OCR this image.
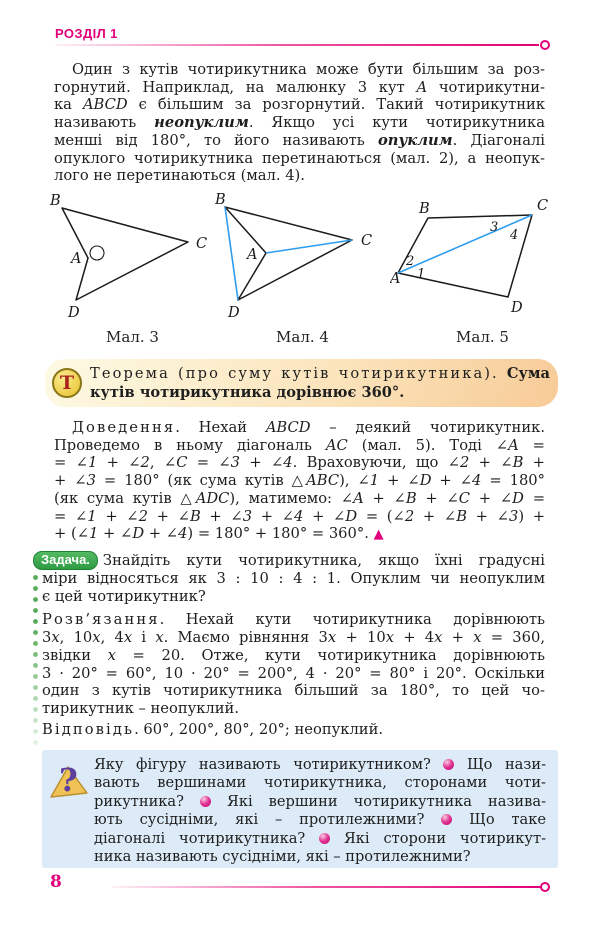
РОЗДІЛ 1
Один з кутів чотирикутника може бути більшим за роз-
горнутий. Наприклад, на малюнку 3 кут A чотирикутни-
ка ABCD є більшим за розгорнутий. Такий чотирикутник
називають неопуклим. Якщо усі кути чотирикутника
менші від 180°, то його називають опуклим. Діагоналі
опуклого чотирикутника перетинаються (мал. 2), а неопук-
лого не перетинаються (мал. 4).
B
C
D
A
Мал. 3
B
C
D
A
Мал. 4
A
B	C
D
2
1
3
4
Мал. 5
Т Теорема (про суму кутів чотирикутника). Сума
кутів чотирикутника дорівнює 360°.
Доведення. Нехай ABCD – деякий чотирикутник.
Проведемо в ньому діагональ AC (мал. 5). Тоді ∠A =
= ∠1 + ∠2, ∠C = ∠3 + ∠4. Враховуючи, що ∠2 + ∠B +
+ ∠3 = 180° (як сума кутів △ABC), ∠1 + ∠D + ∠4 = 180°
(як сума кутів △ADC), матимемо: ∠A + ∠B + ∠C + ∠D =
= ∠1 + ∠2 + ∠B + ∠3 + ∠4 + ∠D = (∠2 + ∠B + ∠3) +
+ (∠1 + ∠D + ∠4) = 180° + 180° = 360°. ▲
Задача. Знайдіть кути чотирикутника, якщо їхні градусні
міри відносяться як 3 : 10 : 4 : 1. Опуклим чи неопуклим
є цей чотирикутник?
Розв’язання. Нехай кути чотирикутника дорівнюють
3x, 10x, 4x і x. Маємо рівняння 3x + 10x + 4x + x = 360,
звідки x = 20. Отже, кути чотирикутника дорівнюють
3 · 20° = 60°, 10 · 20° = 200°, 4 · 20° = 80° і 20°. Оскільки
один з кутів чотирикутника більший за 180°, то цей чо-
тирикутник – неопуклий.
Відповідь. 60°, 200°, 80°, 20°; неопуклий.
? Яку фігуру називають чотирикутником?  Що нази-
вають вершинами чотирикутника, сторонами чоти-
рикутника?  Які вершини чотирикутника назива-
ють сусідніми, які – протилежними?  Що таке
діагоналі чотирикутника?  Які сторони чотирикут-
ника називають сусідніми, які – протилежними?
8
